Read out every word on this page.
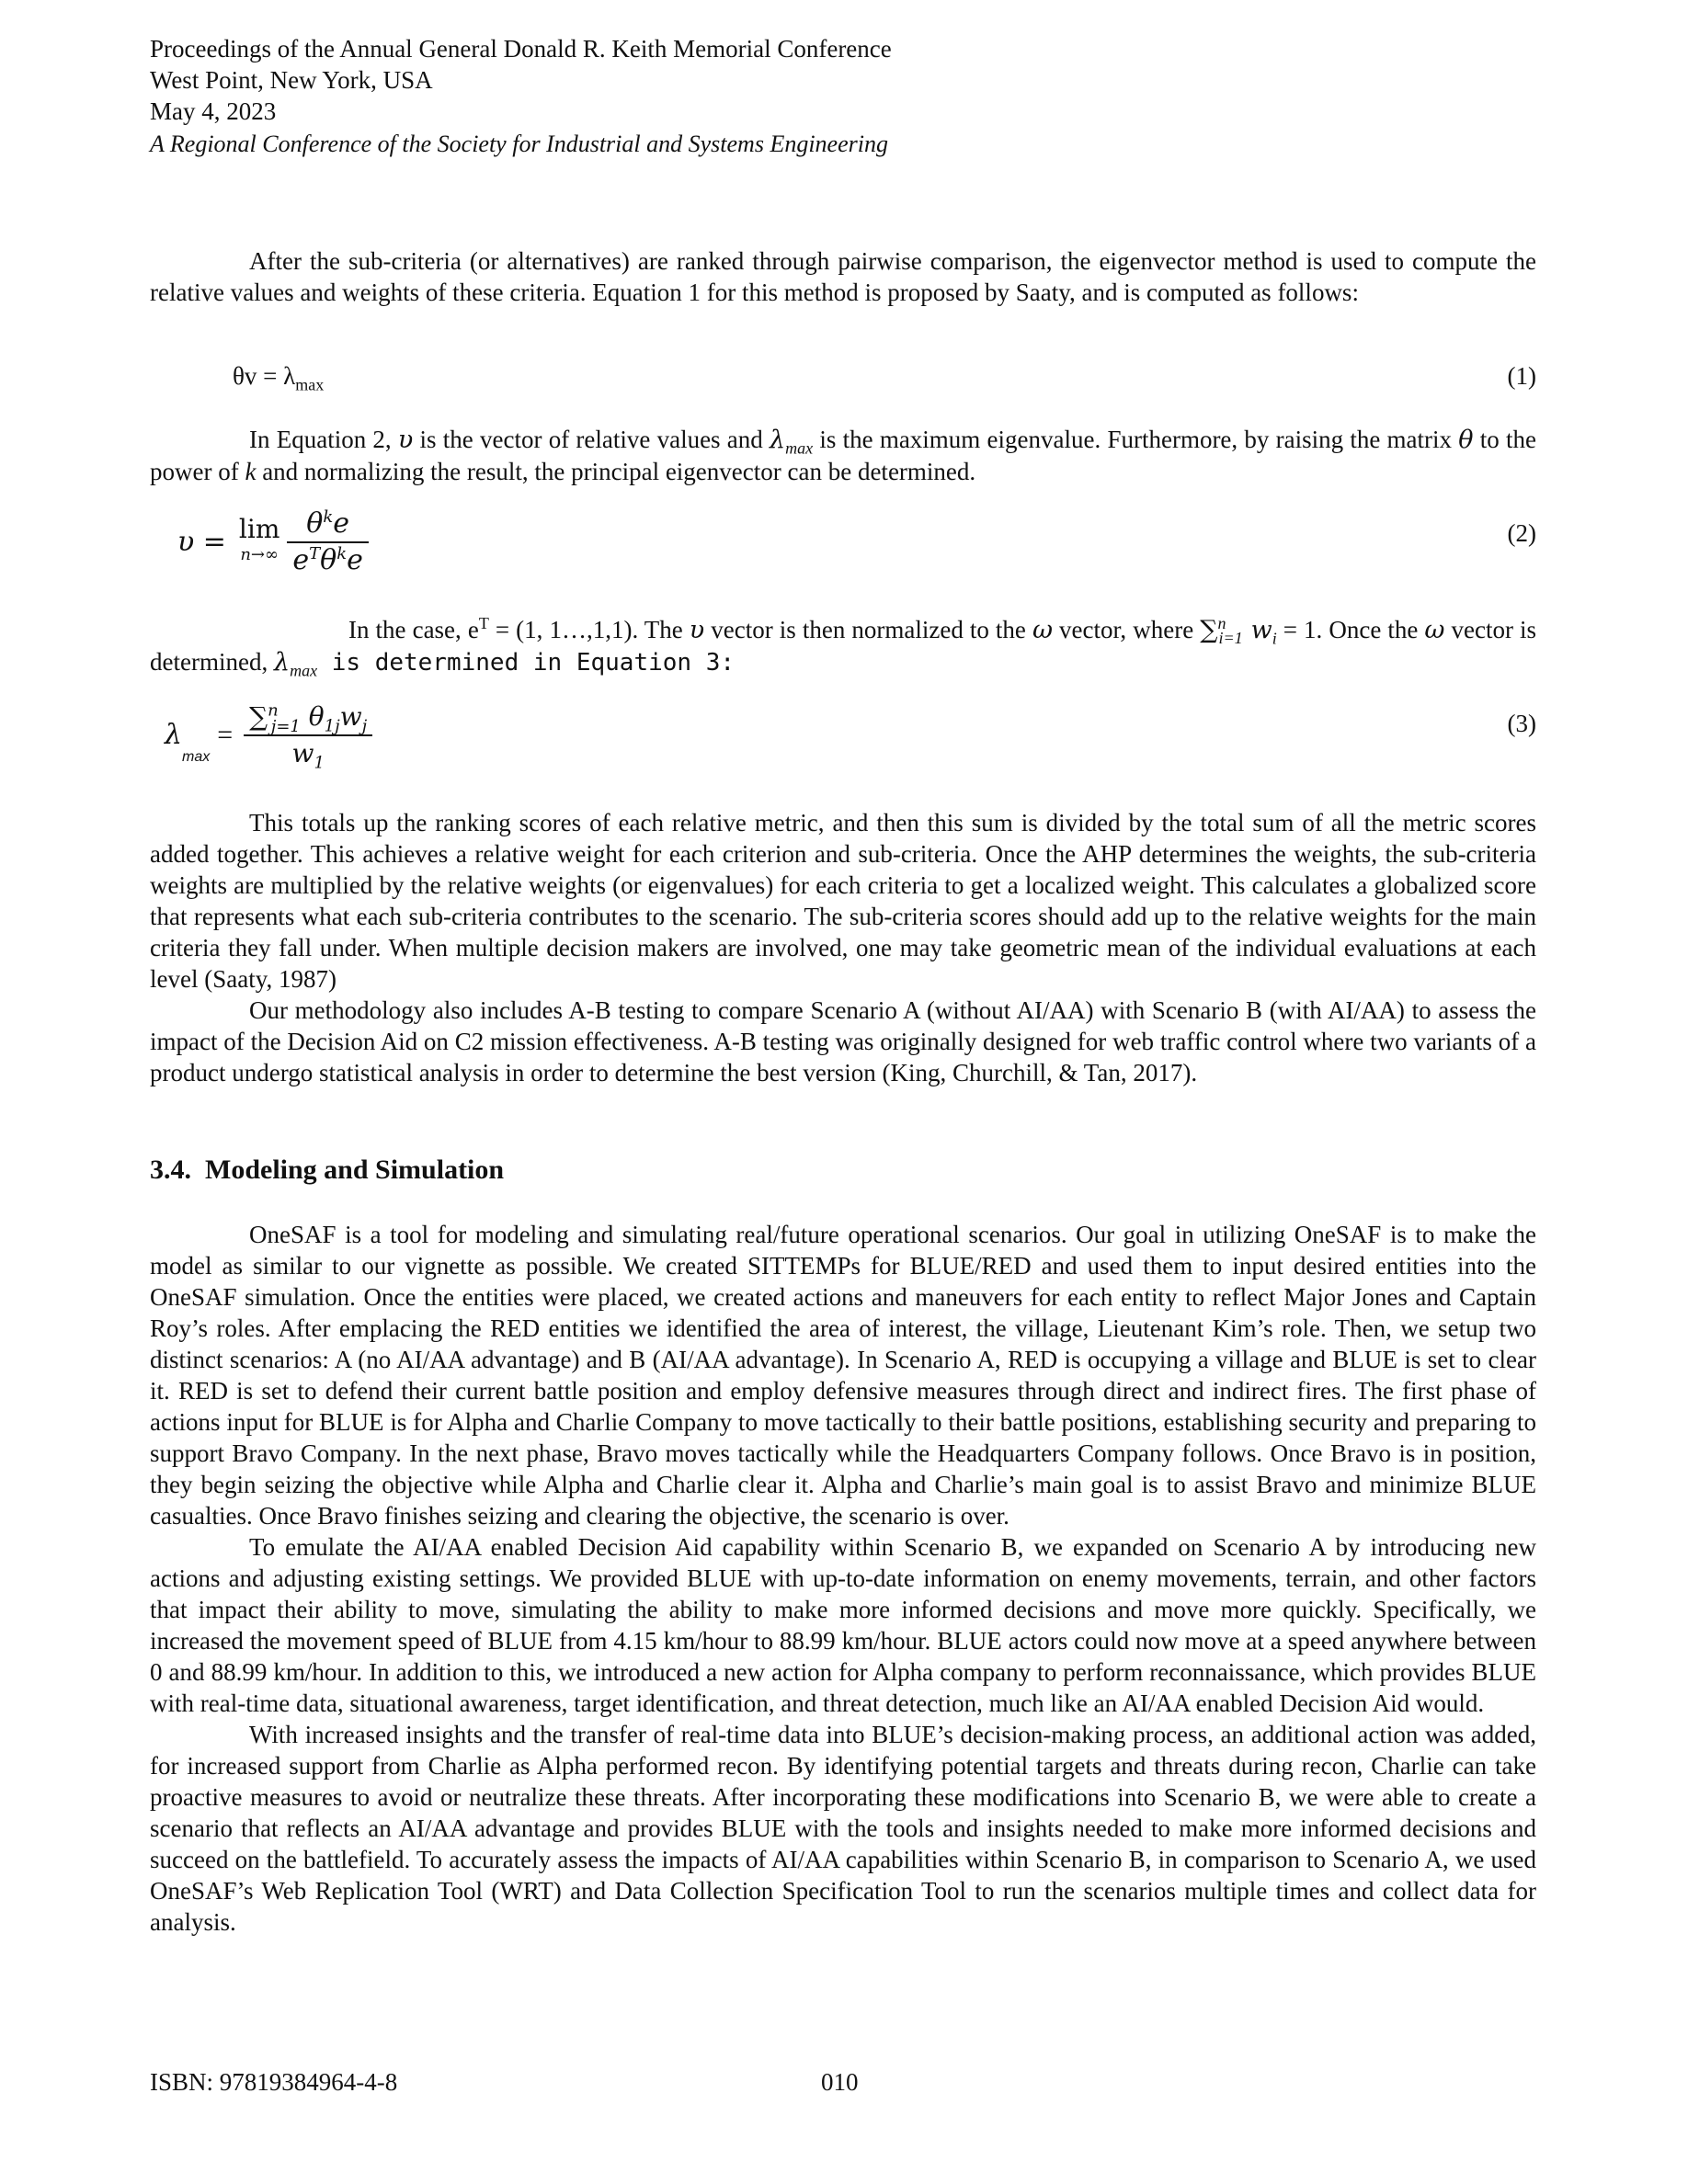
Proceedings of the Annual General Donald R. Keith Memorial Conference
West Point, New York, USA
May 4, 2023
A Regional Conference of the Society for Industrial and Systems Engineering

After the sub-criteria (or alternatives) are ranked through pairwise comparison, the eigenvector method is used to compute the relative values and weights of these criteria. Equation 1 for this method is proposed by Saaty, and is computed as follows:

$\theta v = \lambda_{max}$	(1)

In Equation 2, υ is the vector of relative values and $\lambda_{max}$ is the maximum eigenvalue. Furthermore, by raising the matrix θ to the power of k and normalizing the result, the principal eigenvector can be determined.

υ = lim
$n\to\infty \frac{\theta^ke}{e^T\theta^ke}$	(2)

In the case, $e^T = (1$, 1…,1,1). The υ vector is then normalized to the ω vector, where ∑$^n_{i=1}$ $w_i = 1$. Once the ω vector is determined, $\lambda_{max}$ is determined in Equation 3:

$\lambda_{max}$
= $\frac{\sum^n_{j=1} \theta_{1j}w_j}{w_1}$	(3)

This totals up the ranking scores of each relative metric, and then this sum is divided by the total sum of all the metric scores added together. This achieves a relative weight for each criterion and sub-criteria. Once the AHP determines the weights, the sub-criteria weights are multiplied by the relative weights (or eigenvalues) for each criteria to get a localized weight. This calculates a globalized score that represents what each sub-criteria contributes to the scenario. The sub-criteria scores should add up to the relative weights for the main criteria they fall under. When multiple decision makers are involved, one may take geometric mean of the individual evaluations at each level (Saaty, 1987)

Our methodology also includes A-B testing to compare Scenario A (without AI/AA) with Scenario B (with AI/AA) to assess the impact of the Decision Aid on C2 mission effectiveness. A-B testing was originally designed for web traffic control where two variants of a product undergo statistical analysis in order to determine the best version (King, Churchill, & Tan, 2017).

3.4.  Modeling and Simulation

OneSAF is a tool for modeling and simulating real/future operational scenarios. Our goal in utilizing OneSAF is to make the model as similar to our vignette as possible. We created SITTEMPs for BLUE/RED and used them to input desired entities into the OneSAF simulation. Once the entities were placed, we created actions and maneuvers for each entity to reflect Major Jones and Captain Roy’s roles. After emplacing the RED entities we identified the area of interest, the village, Lieutenant Kim’s role. Then, we setup two distinct scenarios: A (no AI/AA advantage) and B (AI/AA advantage). In Scenario A, RED is occupying a village and BLUE is set to clear it. RED is set to defend their current battle position and employ defensive measures through direct and indirect fires. The first phase of actions input for BLUE is for Alpha and Charlie Company to move tactically to their battle positions, establishing security and preparing to support Bravo Company. In the next phase, Bravo moves tactically while the Headquarters Company follows. Once Bravo is in position, they begin seizing the objective while Alpha and Charlie clear it. Alpha and Charlie’s main goal is to assist Bravo and minimize BLUE casualties. Once Bravo finishes seizing and clearing the objective, the scenario is over.

To emulate the AI/AA enabled Decision Aid capability within Scenario B, we expanded on Scenario A by introducing new actions and adjusting existing settings. We provided BLUE with up-to-date information on enemy movements, terrain, and other factors that impact their ability to move, simulating the ability to make more informed decisions and move more quickly. Specifically, we increased the movement speed of BLUE from 4.15 km/hour to 88.99 km/hour. BLUE actors could now move at a speed anywhere between 0 and 88.99 km/hour. In addition to this, we introduced a new action for Alpha company to perform reconnaissance, which provides BLUE with real-time data, situational awareness, target identification, and threat detection, much like an AI/AA enabled Decision Aid would.

With increased insights and the transfer of real-time data into BLUE’s decision-making process, an additional action was added, for increased support from Charlie as Alpha performed recon. By identifying potential targets and threats during recon, Charlie can take proactive measures to avoid or neutralize these threats. After incorporating these modifications into Scenario B, we were able to create a scenario that reflects an AI/AA advantage and provides BLUE with the tools and insights needed to make more informed decisions and succeed on the battlefield. To accurately assess the impacts of AI/AA capabilities within Scenario B, in comparison to Scenario A, we used OneSAF’s Web Replication Tool (WRT) and Data Collection Specification Tool to run the scenarios multiple times and collect data for analysis.

ISBN: 97819384964-4-8	010
